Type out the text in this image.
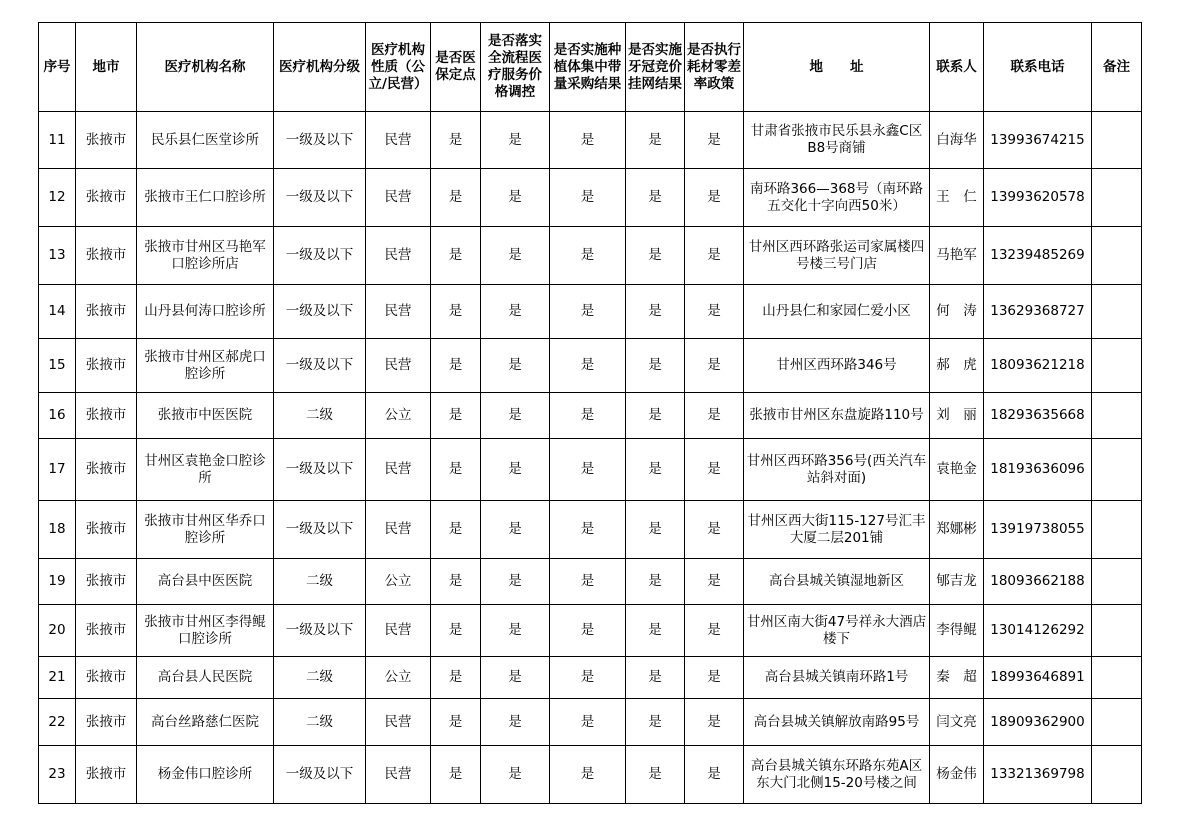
序号	地市	医疗机构名称	医疗机构分级	医疗机构性质（公立/民营）	是否医保定点	是否落实全流程医疗服务价格调控	是否实施种植体集中带量采购结果	是否实施牙冠竞价挂网结果	是否执行耗材零差率政策	地　　址	联系人	联系电话	备注
11	张掖市	民乐县仁医堂诊所	一级及以下	民营	是	是	是	是	是	甘肃省张掖市民乐县永鑫C区B8号商铺	白海华	13993674215	
12	张掖市	张掖市王仁口腔诊所	一级及以下	民营	是	是	是	是	是	南环路366—368号（南环路五交化十字向西50米）	王　仁	13993620578	
13	张掖市	张掖市甘州区马艳军口腔诊所店	一级及以下	民营	是	是	是	是	是	甘州区西环路张运司家属楼四号楼三号门店	马艳军	13239485269	
14	张掖市	山丹县何涛口腔诊所	一级及以下	民营	是	是	是	是	是	山丹县仁和家园仁爱小区	何　涛	13629368727	
15	张掖市	张掖市甘州区郝虎口腔诊所	一级及以下	民营	是	是	是	是	是	甘州区西环路346号	郝　虎	18093621218	
16	张掖市	张掖市中医医院	二级	公立	是	是	是	是	是	张掖市甘州区东盘旋路110号	刘　丽	18293635668	
17	张掖市	甘州区袁艳金口腔诊所	一级及以下	民营	是	是	是	是	是	甘州区西环路356号(西关汽车站斜对面)	袁艳金	18193636096	
18	张掖市	张掖市甘州区华乔口腔诊所	一级及以下	民营	是	是	是	是	是	甘州区西大街115-127号汇丰大厦二层201铺	郑娜彬	13919738055	
19	张掖市	高台县中医医院	二级	公立	是	是	是	是	是	高台县城关镇湿地新区	郇吉龙	18093662188	
20	张掖市	张掖市甘州区李得鲲口腔诊所	一级及以下	民营	是	是	是	是	是	甘州区南大街47号祥永大酒店楼下	李得鲲	13014126292	
21	张掖市	高台县人民医院	二级	公立	是	是	是	是	是	高台县城关镇南环路1号	秦　超	18993646891	
22	张掖市	高台丝路慈仁医院	二级	民营	是	是	是	是	是	高台县城关镇解放南路95号	闫文亮	18909362900	
23	张掖市	杨金伟口腔诊所	一级及以下	民营	是	是	是	是	是	高台县城关镇东环路东苑A区东大门北侧15-20号楼之间	杨金伟	13321369798	
